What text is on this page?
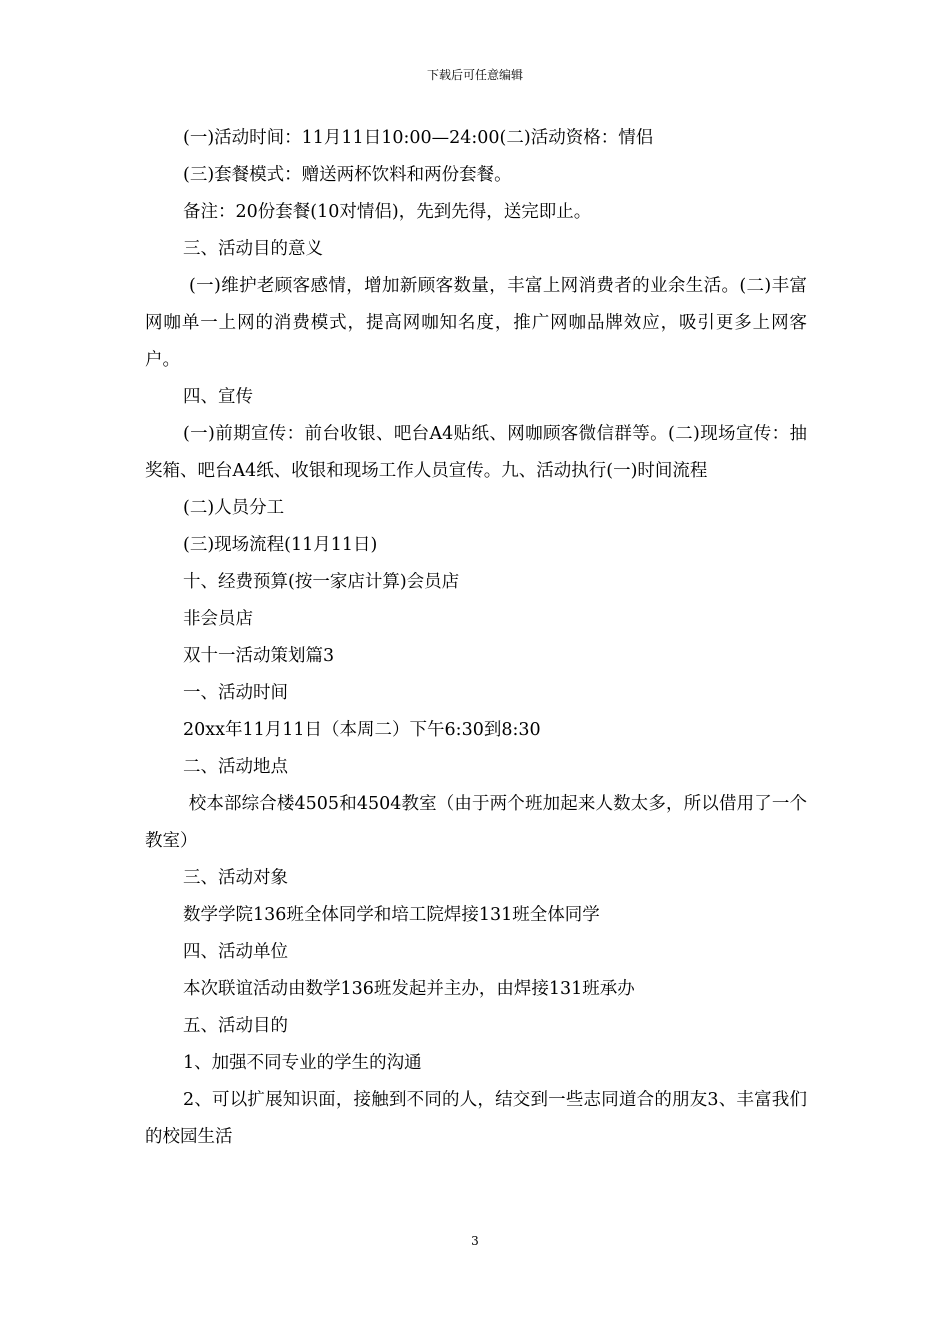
下载后可任意编辑

(一)活动时间：11月11日10:00—24:00(二)活动资格：情侣

(三)套餐模式：赠送两杯饮料和两份套餐。

备注：20份套餐(10对情侣)，先到先得，送完即止。

三、活动目的意义

(一)维护老顾客感情，增加新顾客数量，丰富上网消费者的业余生活。(二)丰富网咖单一上网的消费模式，提高网咖知名度，推广网咖品牌效应，吸引更多上网客户。

四、宣传

(一)前期宣传：前台收银、吧台A4贴纸、网咖顾客微信群等。(二)现场宣传：抽奖箱、吧台A4纸、收银和现场工作人员宣传。九、活动执行(一)时间流程

(二)人员分工

(三)现场流程(11月11日)

十、经费预算(按一家店计算)会员店

非会员店

双十一活动策划篇3

一、活动时间

20xx年11月11日（本周二）下午6:30到8:30

二、活动地点

校本部综合楼4505和4504教室（由于两个班加起来人数太多，所以借用了一个教室）

三、活动对象

数学学院136班全体同学和培工院焊接131班全体同学

四、活动单位

本次联谊活动由数学136班发起并主办，由焊接131班承办

五、活动目的

1、加强不同专业的学生的沟通

2、可以扩展知识面，接触到不同的人，结交到一些志同道合的朋友3、丰富我们的校园生活

3
